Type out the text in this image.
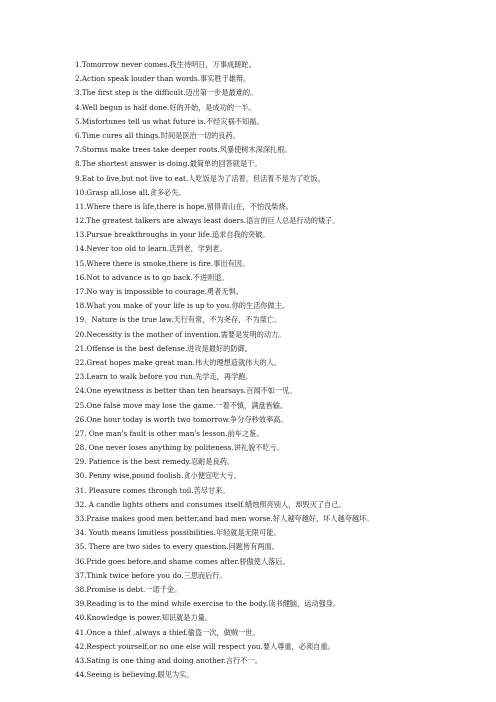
1.Tomorrow never comes.我生待明日，万事成蹉跎。
2.Action speak louder than words.事实胜于雄辩。
3.The first step is the difficult.迈出第一步是最难的。
4.Well begun is half done.好的开始，是成功的一半。
5.Misfortunes tell us what future is.不经灾祸不知福。
6.Time cures all things.时间是医治一切的良药。
7.Storms make trees take deeper roots.风暴使树木深深扎根。
8.The shortest answer is doing.最简单的回答就是干。
9.Eat to live,but not live to eat.人吃饭是为了活着，但活着不是为了吃饭。
10.Grasp all,lose all.贪多必失。
11.Where there is life,there is hope.留得青山在，不怕没柴烧。
12.The greatest talkers are always least doers.语言的巨人总是行动的矮子。
13.Pursue breakthroughs in your life.追求自我的突破。
14.Never too old to learn.活到老，学到老。
15.Where there is smoke,there is fire.事出有因。
16.Not to advance is to go back.不进则退。
17.No way is impossible to courage.勇者无惧。
18.What you make of your life is up to you.你的生活你做主。
19．Nature is the true law.天行有常，不为尧存，不为桀亡。
20.Necessity is the mother of invention.需要是发明的动力。
21.Offense is the best defense.进攻是最好的防御。
22.Great hopes make great man.伟大的理想造就伟大的人。
23.Learn to walk before you run.先学走，再学跑。
24.One eyewitness is better than ten hearsays.百闻不如一见。
25.One false move may lose the game.一着不慎，满盘皆输。
26.One hour today is worth two tomorrow.争分夺秒效率高。
27. One man's fault is other man's lesson.前车之鉴。
28. One never loses anything by politeness.讲礼貌不吃亏。
29. Patience is the best remedy.忍耐是良药。
30. Penny wise,pound foolish.贪小便宜吃大亏。
31. Pleasure comes through toil.苦尽甘来。
32. A candle lights others and consumes itself.蜡烛照亮别人，却毁灭了自己。
33.Praise makes good men better,and bad men worse.好人越夸越好，坏人越夸越坏。
34. Youth means limitless possibilities.年轻就是无限可能。
35. There are two sides to every question.问题皆有两面。
36.Pride goes before,and shame comes after.骄傲使人落后。
37.Think twice before you do.三思而后行。
38.Promise is debt.一诺千金。
39.Reading is to the mind while exercise to the body.读书健脑，运动强身。
40.Knowledge is power.知识就是力量。
41.Once a thief ,always a thief.偷盗一次，做贼一世。
42.Respect yourself,or no one else will respect you.要人尊重，必须自重。
43.Sating is one thing and doing another.言行不一。
44.Seeing is believing.眼见为实。
